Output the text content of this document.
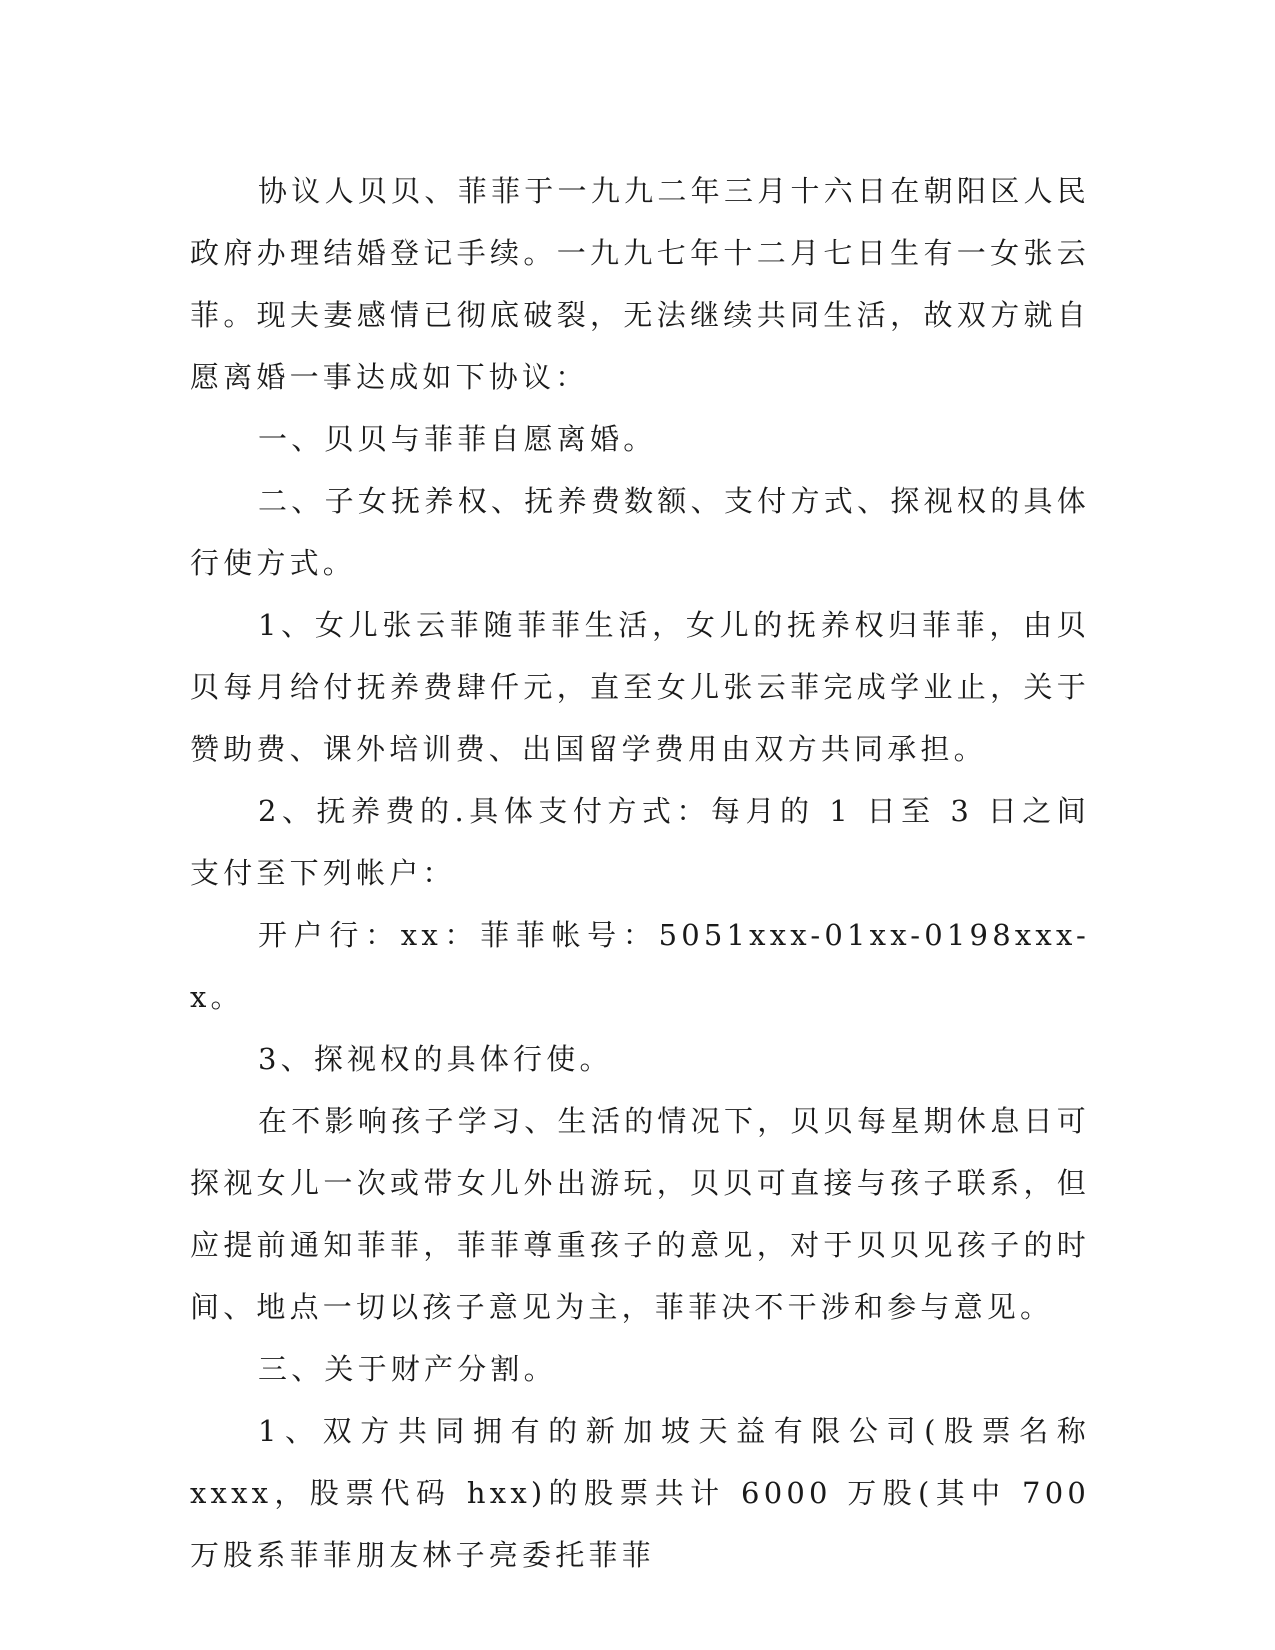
协议人贝贝、菲菲于一九九二年三月十六日在朝阳区人民政府办理结婚登记手续。一九九七年十二月七日生有一女张云菲。现夫妻感情已彻底破裂，无法继续共同生活，故双方就自愿离婚一事达成如下协议：

一、贝贝与菲菲自愿离婚。

二、子女抚养权、抚养费数额、支付方式、探视权的具体行使方式。

1、女儿张云菲随菲菲生活，女儿的抚养权归菲菲，由贝贝每月给付抚养费肆仟元，直至女儿张云菲完成学业止，关于赞助费、课外培训费、出国留学费用由双方共同承担。

2、抚养费的.具体支付方式：每月的 1 日至 3 日之间支付至下列帐户：

开户行：xx：菲菲帐号：5051xxx-01xx-0198xxx-x。

3、探视权的具体行使。

在不影响孩子学习、生活的情况下，贝贝每星期休息日可探视女儿一次或带女儿外出游玩，贝贝可直接与孩子联系，但应提前通知菲菲，菲菲尊重孩子的意见，对于贝贝见孩子的时间、地点一切以孩子意见为主，菲菲决不干涉和参与意见。

三、关于财产分割。

1、双方共同拥有的新加坡天益有限公司(股票名称 xxxx，股票代码 hxx)的股票共计 6000 万股(其中 700 万股系菲菲朋友林子亮委托菲菲
